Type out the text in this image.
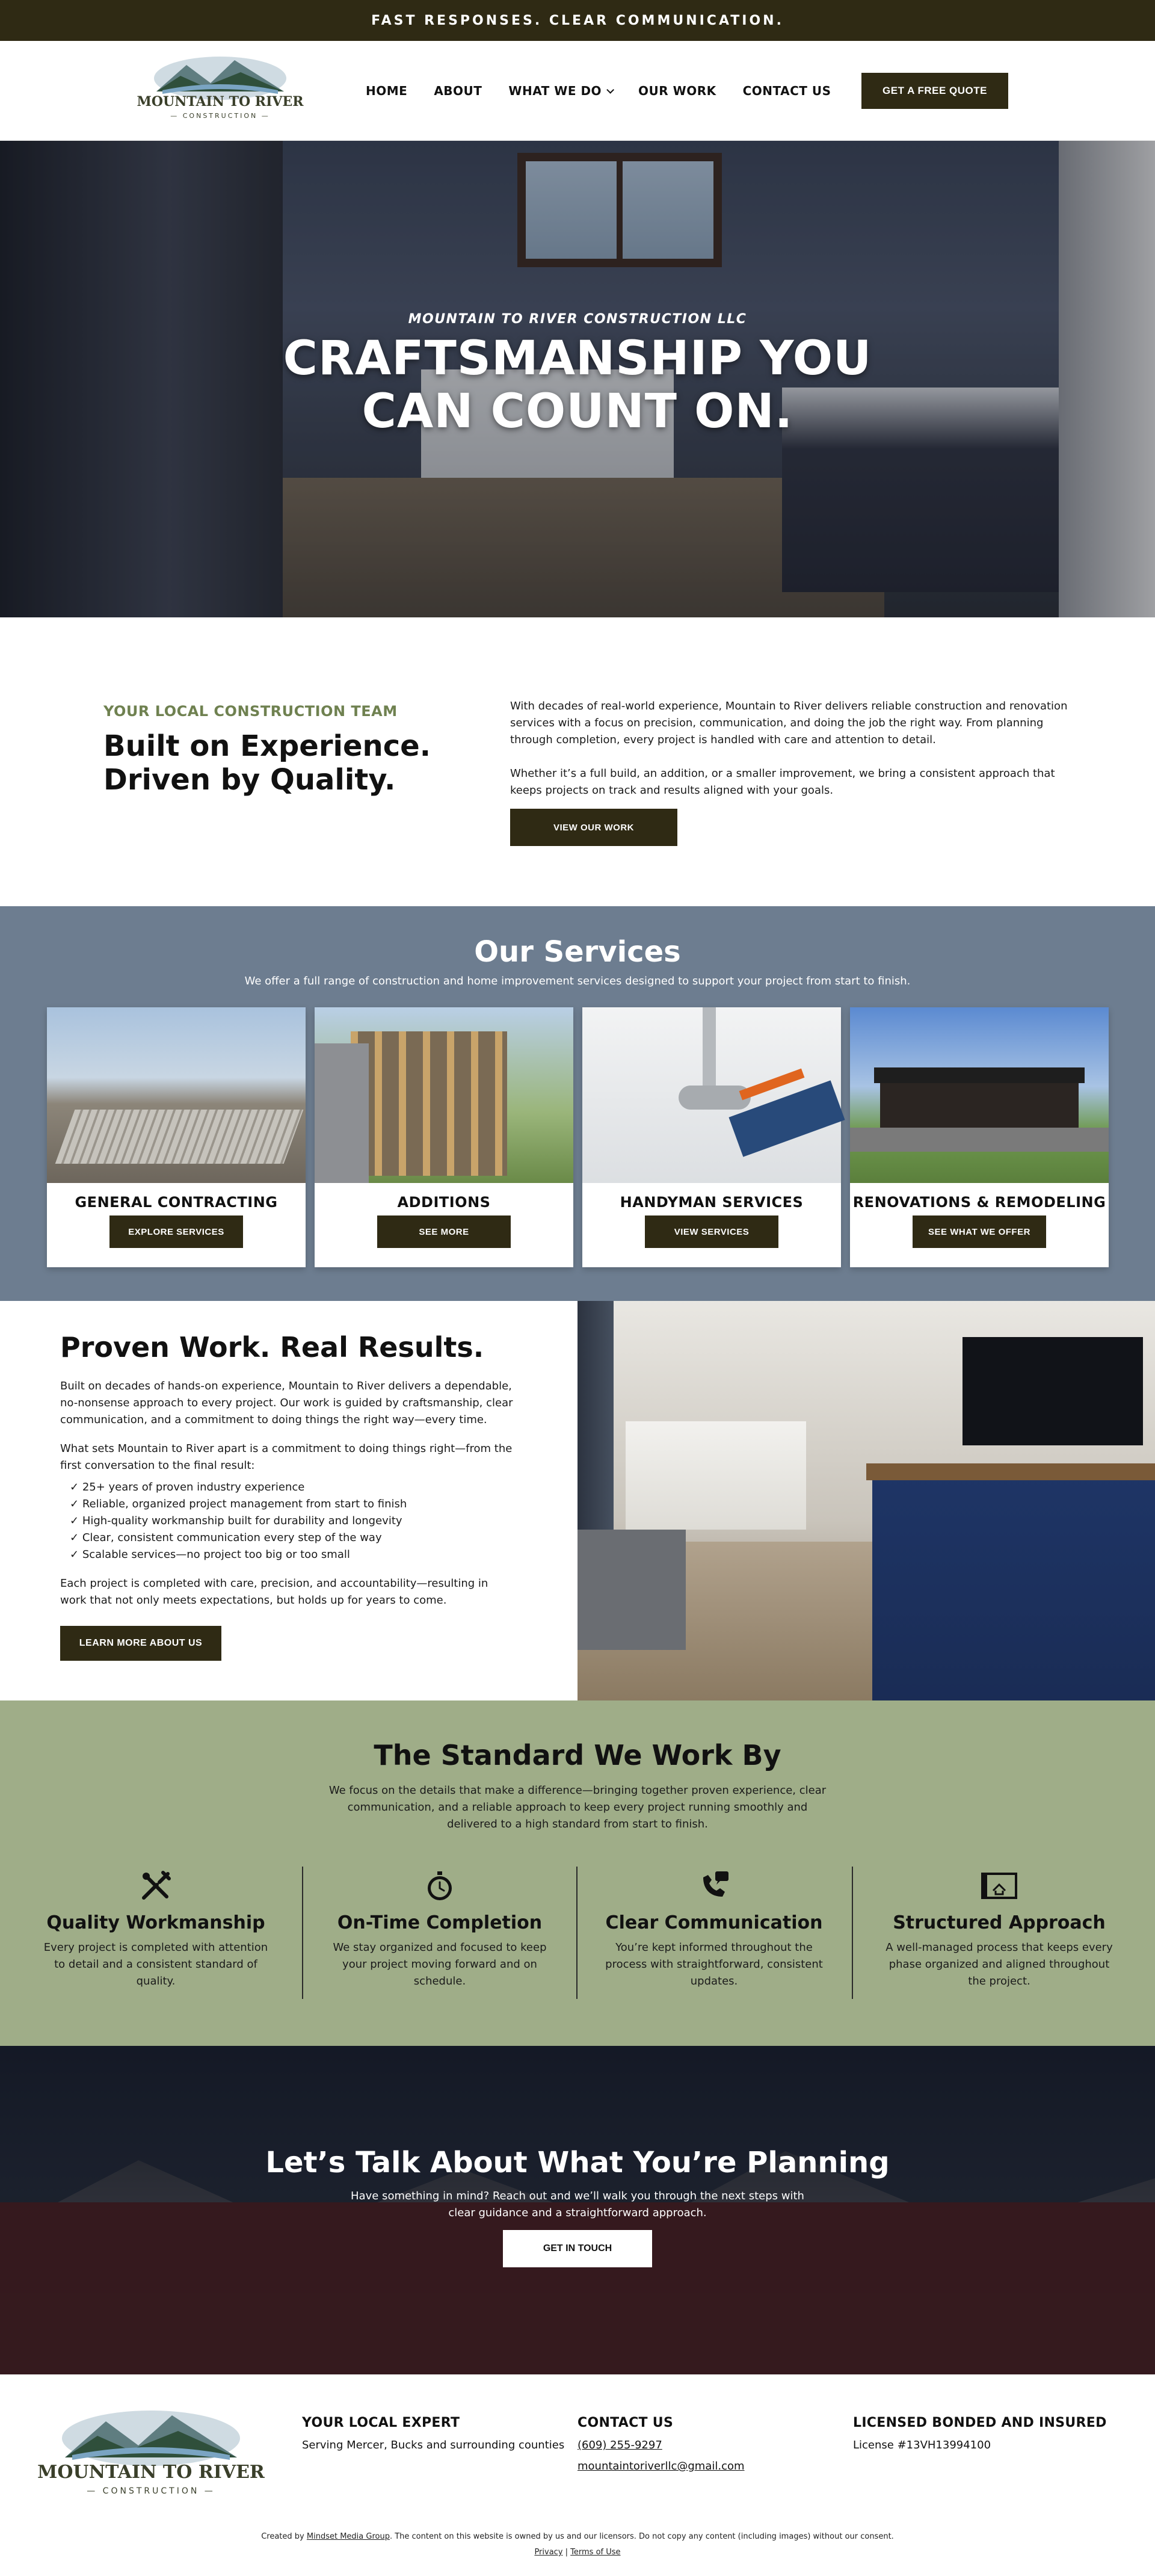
FAST RESPONSES. CLEAR COMMUNICATION.
MOUNTAIN TO RIVER
— CONSTRUCTION —
HOME ABOUT WHAT WE DO	OUR WORK CONTACT US	GET A FREE QUOTE
MOUNTAIN TO RIVER CONSTRUCTION LLC
CRAFTSMANSHIP YOU
CAN COUNT ON.
YOUR LOCAL CONSTRUCTION TEAM
Built on Experience.
Driven by Quality.

With decades of real-world experience, Mountain to River delivers reliable construction and renovation services with a focus on precision, communication, and doing the job the right way. From planning through completion, every project is handled with care and attention to detail.

Whether it’s a full build, an addition, or a smaller improvement, we bring a consistent approach that keeps projects on track and results aligned with your goals.

VIEW OUR WORK
Our Services
We offer a full range of construction and home improvement services designed to support your project from start to finish.
GENERAL CONTRACTING
EXPLORE SERVICES
ADDITIONS
SEE MORE
HANDYMAN SERVICES
VIEW SERVICES
RENOVATIONS & REMODELING
SEE WHAT WE OFFER
Proven Work. Real Results.

Built on decades of hands-on experience, Mountain to River delivers a dependable, no-nonsense approach to every project. Our work is guided by craftsmanship, clear communication, and a commitment to doing things the right way—every time.

What sets Mountain to River apart is a commitment to doing things right—from the first conversation to the final result:

✓ 25+ years of proven industry experience
✓ Reliable, organized project management from start to finish
✓ High-quality workmanship built for durability and longevity
✓ Clear, consistent communication every step of the way
✓ Scalable services—no project too big or too small

Each project is completed with care, precision, and accountability—resulting in work that not only meets expectations, but holds up for years to come.

LEARN MORE ABOUT US
The Standard We Work By
We focus on the details that make a difference—bringing together proven experience, clear communication, and a reliable approach to keep every project running smoothly and delivered to a high standard from start to finish.
Quality Workmanship

Every project is completed with attention to detail and a consistent standard of quality.

On-Time Completion

We stay organized and focused to keep your project moving forward and on schedule.

Clear Communication

You’re kept informed throughout the process with straightforward, consistent updates.

Structured Approach

A well-managed process that keeps every phase organized and aligned throughout the project.

Let’s Talk About What You’re Planning
Have something in mind? Reach out and we’ll walk you through the next steps with clear guidance and a straightforward approach.
GET IN TOUCH
MOUNTAIN TO RIVER
— CONSTRUCTION —
YOUR LOCAL EXPERT

Serving Mercer, Bucks and surrounding counties

CONTACT US
(609) 255-9297
mountaintoriverllc@gmail.com
LICENSED BONDED AND INSURED

License #13VH13994100

Created by Mindset Media Group. The content on this website is owned by us and our licensors. Do not copy any content (including images) without our consent.
Privacy | Terms of Use
